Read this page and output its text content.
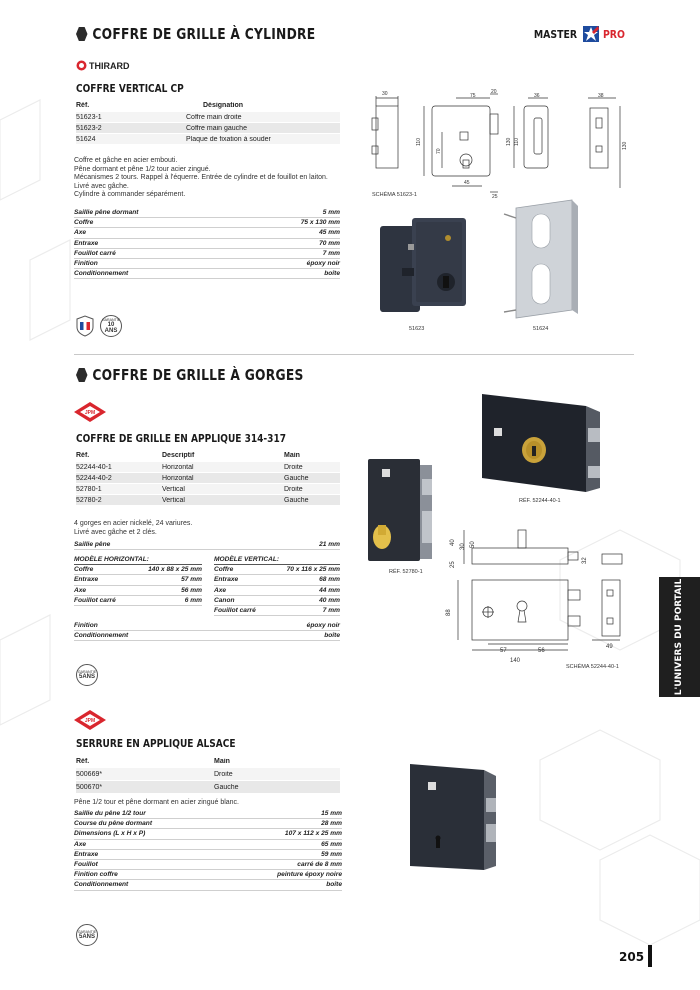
COFFRE DE GRILLE À CYLINDRE	MASTER PRO
THIRARD
COFFRE VERTICAL CP
Réf.	Désignation
51623-1	Coffre main droite
51623-2	Coffre main gauche
51624	Plaque de fixation à souder
Coffre et gâche en acier embouti.
Pêne dormant et pêne 1/2 tour acier zingué.
Mécanismes 2 tours. Rappel à l'équerre. Entrée de cylindre et de fouillot en laiton.
Livré avec gâche.
Cylindre à commander séparément.
Saillie pêne dormant	5 mm
Coffre	75 x 130 mm
Axe	45 mm
Entraxe	70 mm
Fouillot carré	7 mm
Finition	époxy noir
Conditionnement	boîte
GARANTIE
10 ANS
30	75
20
36	38
110
70
130 110	130
45
25
SCHÉMA 51623-1
51623	51624
COFFRE DE GRILLE À GORGES
JPM
COFFRE DE GRILLE EN APPLIQUE 314-317
Réf.	Descriptif	Main
52244-40-1	Horizontal	Droite
52244-40-2	Horizontal	Gauche
52780-1	Vertical	Droite
52780-2	Vertical	Gauche
4 gorges en acier nickelé, 24 variures.
Livré avec gâche et 2 clés.
Saillie pêne	21 mm
MODÈLE HORIZONTAL:
Coffre	140 x 88 x 25 mm
Entraxe	57 mm
Axe	56 mm
Fouillot carré	6 mm
MODÈLE VERTICAL:
Coffre	70 x 116 x 25 mm
Entraxe	68 mm
Axe	44 mm
Canon	40 mm
Fouillot carré	7 mm
Finition	époxy noir
Conditionnement	boîte
GARANTIE
5ANS
RÉF. 52244-40-1
RÉF. 52780-1
40
30 50
25
32
88
57	56
49
140
SCHÉMA 52244-40-1
JPM
SERRURE EN APPLIQUE ALSACE
Réf.	Main
500669*	Droite
500670*	Gauche
Pêne 1/2 tour et pêne dormant en acier zingué blanc.
Saillie du pêne 1/2 tour	15 mm
Course du pêne dormant	28 mm
Dimensions (L x H x P)	107 x 112 x 25 mm
Axe	65 mm
Entraxe	59 mm
Fouillot	carré de 8 mm
Finition coffre	peinture époxy noire
Conditionnement	boîte
GARANTIE
5ANS
L'UNIVERS DU PORTAIL
205
